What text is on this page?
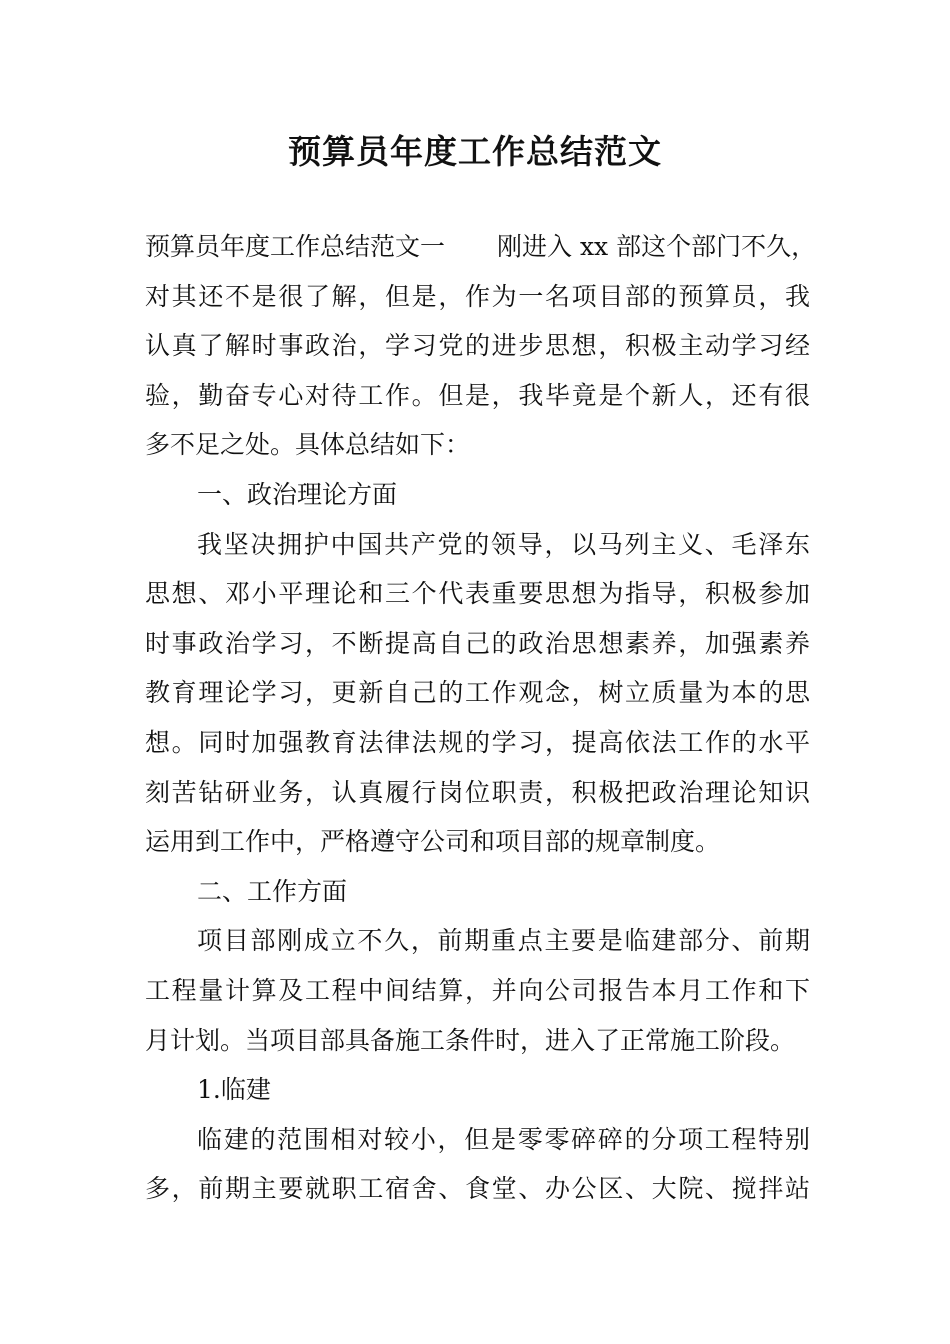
预算员年度工作总结范文
预算员年度工作总结范文一 刚进入 xx 部这个部门不久，
对其还不是很了解，但是，作为一名项目部的预算员，我
认真了解时事政治，学习党的进步思想，积极主动学习经
验，勤奋专心对待工作。但是，我毕竟是个新人，还有很
多不足之处。具体总结如下：
一、政治理论方面
我坚决拥护中国共产党的领导，以马列主义、毛泽东
思想、邓小平理论和三个代表重要思想为指导，积极参加
时事政治学习，不断提高自己的政治思想素养，加强素养
教育理论学习，更新自己的工作观念，树立质量为本的思
想。同时加强教育法律法规的学习，提高依法工作的水平
刻苦钻研业务，认真履行岗位职责，积极把政治理论知识
运用到工作中，严格遵守公司和项目部的规章制度。
二、工作方面
项目部刚成立不久，前期重点主要是临建部分、前期
工程量计算及工程中间结算，并向公司报告本月工作和下
月计划。当项目部具备施工条件时，进入了正常施工阶段。
1.临建
临建的范围相对较小，但是零零碎碎的分项工程特别
多，前期主要就职工宿舍、食堂、办公区、大院、搅拌站
